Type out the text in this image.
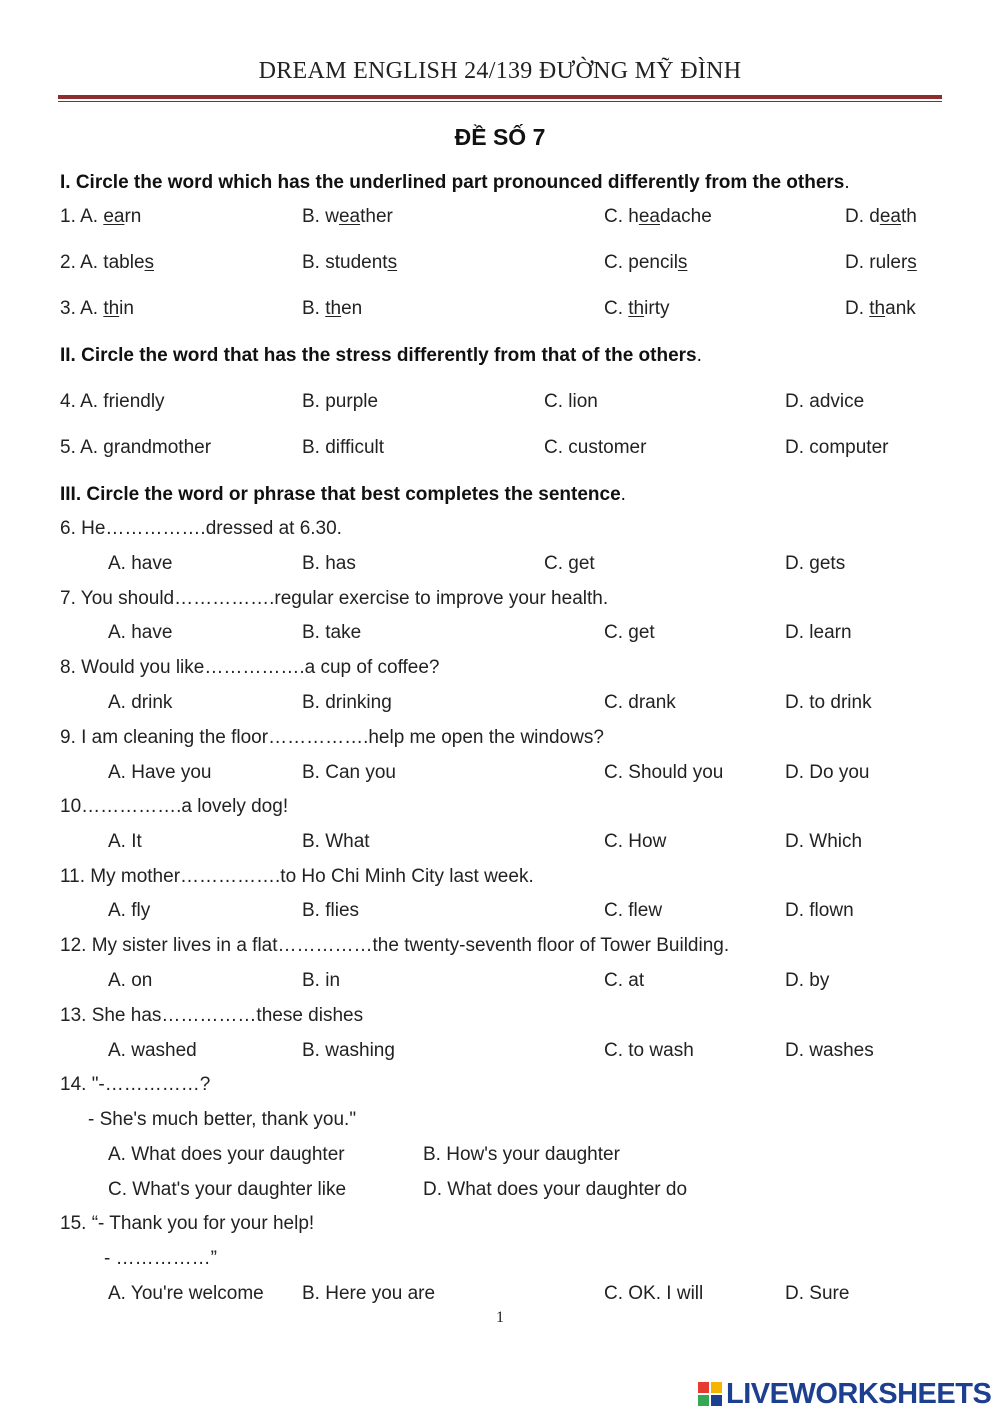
DREAM ENGLISH 24/139 ĐƯỜNG MỸ ĐÌNH
ĐỀ SỐ 7
I. Circle the word which has the underlined part pronounced differently from the others.
1. A. earn	B. weather	C. headache	D. death
2. A. tables	B. students	C. pencils	D. rulers
3. A. thin	B. then	C. thirty	D. thank
II. Circle the word that has the stress differently from that of the others.
4. A. friendly	B. purple	C. lion	D. advice
5. A. grandmother	B. difficult	C. customer	D. computer
III. Circle the word or phrase that best completes the sentence.
6. He…………….dressed at 6.30.
A. have	B. has	C. get	D. gets
7. You should…………….regular exercise to improve your health.
A. have	B. take	C. get	D. learn
8. Would you like…………….a cup of coffee?
A. drink	B. drinking	C. drank	D. to drink
9. I am cleaning the floor…………….help me open the windows?
A. Have you	B. Can you	C. Should you	D. Do you
10…………….a lovely dog!
A. It	B. What	C. How	D. Which
11. My mother…………….to Ho Chi Minh City last week.
A. fly	B. flies	C. flew	D. flown
12. My sister lives in a flat……………the twenty-seventh floor of Tower Building.
A. on	B. in	C. at	D. by
13. She has……………these dishes
A. washed	B. washing	C. to wash	D. washes
14. "-……………?
- She's much better, thank you."
A. What does your daughter	B. How's your daughter
C. What's your daughter like	D. What does your daughter do
15. “- Thank you for your help!
- ……………”
A. You're welcome B. Here you are	C. OK. I will	D. Sure
1
LIVEWORKSHEETS
